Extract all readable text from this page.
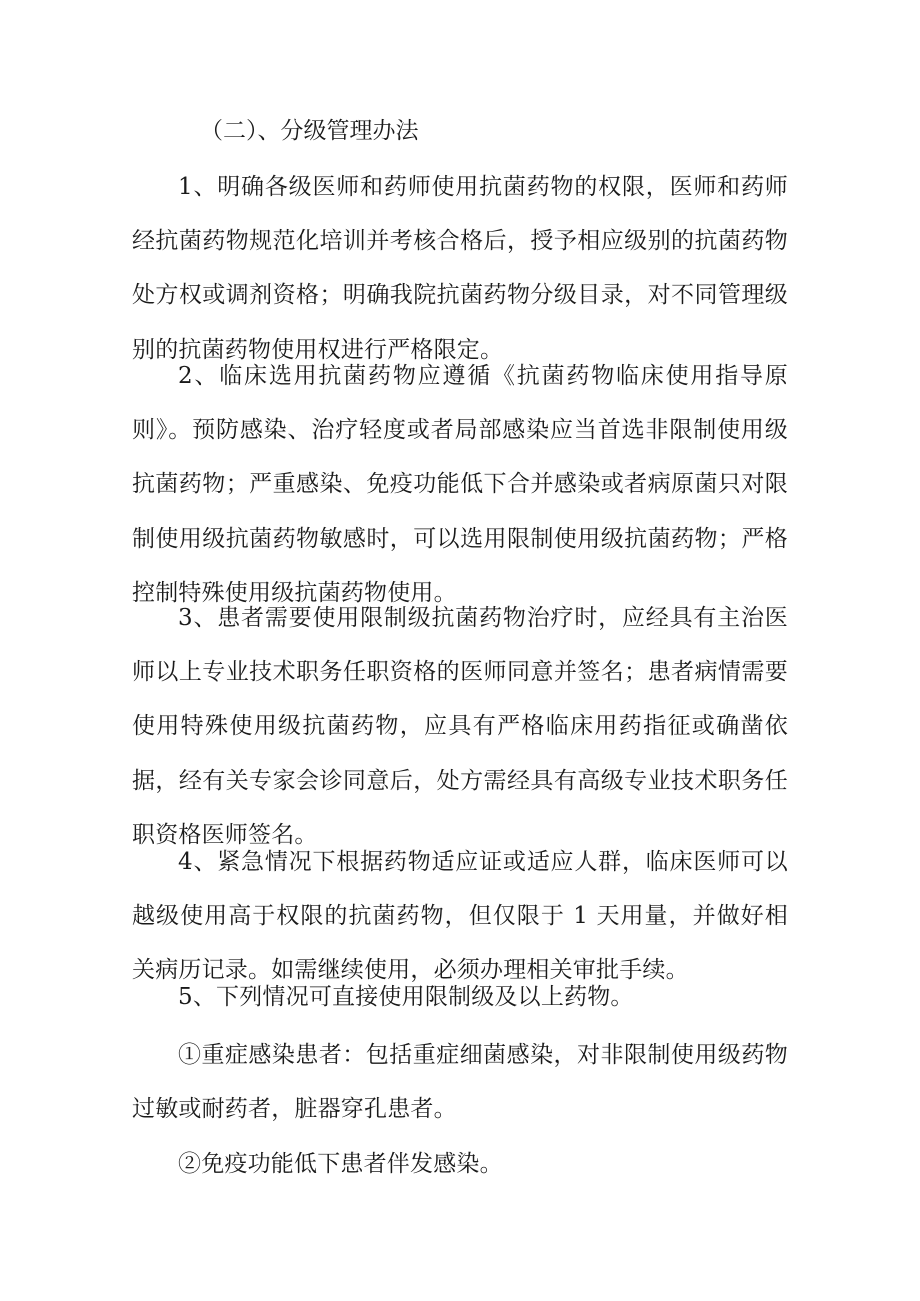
（二）、分级管理办法
1、明确各级医师和药师使用抗菌药物的权限，医师和药师经抗菌药物规范化培训并考核合格后，授予相应级别的抗菌药物处方权或调剂资格；明确我院抗菌药物分级目录，对不同管理级别的抗菌药物使用权进行严格限定。
2、临床选用抗菌药物应遵循《抗菌药物临床使用指导原则》。预防感染、治疗轻度或者局部感染应当首选非限制使用级抗菌药物；严重感染、免疫功能低下合并感染或者病原菌只对限制使用级抗菌药物敏感时，可以选用限制使用级抗菌药物；严格控制特殊使用级抗菌药物使用。
3、患者需要使用限制级抗菌药物治疗时，应经具有主治医师以上专业技术职务任职资格的医师同意并签名；患者病情需要使用特殊使用级抗菌药物，应具有严格临床用药指征或确凿依据，经有关专家会诊同意后，处方需经具有高级专业技术职务任职资格医师签名。
4、紧急情况下根据药物适应证或适应人群，临床医师可以越级使用高于权限的抗菌药物，但仅限于 1 天用量，并做好相关病历记录。如需继续使用，必须办理相关审批手续。
5、下列情况可直接使用限制级及以上药物。
①重症感染患者：包括重症细菌感染，对非限制使用级药物过敏或耐药者，脏器穿孔患者。
②免疫功能低下患者伴发感染。
